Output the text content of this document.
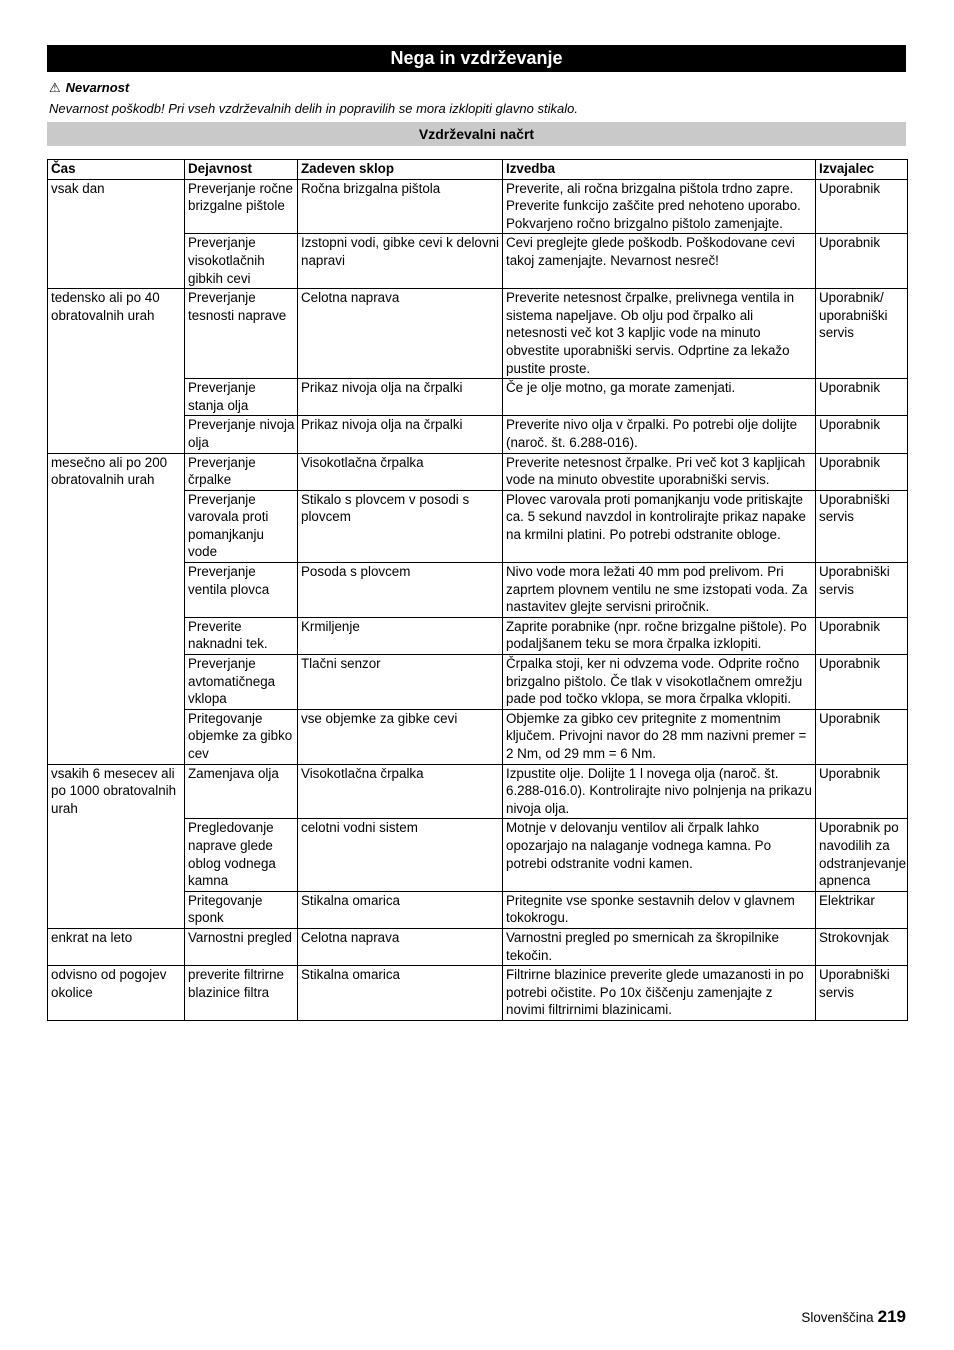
Nega in vzdrževanje
⚠ Nevarnost
Nevarnost poškodb! Pri vseh vzdrževalnih delih in popravilih se mora izklopiti glavno stikalo.
Vzdrževalni načrt
Čas	Dejavnost	Zadeven sklop	Izvedba	Izvajalec
vsak dan	Preverjanje ročne brizgalne pištole	Ročna brizgalna pištola	Preverite, ali ročna brizgalna pištola trdno zapre. Preverite funkcijo zaščite pred nehoteno uporabo. Pokvarjeno ročno brizgalno pištolo zamenjajte.	Uporabnik
	Preverjanje visokotlačnih gibkih cevi	Izstopni vodi, gibke cevi k delovni napravi	Cevi preglejte glede poškodb. Poškodovane cevi takoj zamenjajte. Nevarnost nesreč!	Uporabnik
tedensko ali po 40 obratovalnih urah	Preverjanje tesnosti naprave	Celotna naprava	Preverite netesnost črpalke, prelivnega ventila in sistema napeljave. Ob olju pod črpalko ali netesnosti več kot 3 kapljic vode na minuto obvestite uporabniški servis. Odprtine za lekažo pustite proste.	Uporabnik/ uporabniški servis
	Preverjanje stanja olja	Prikaz nivoja olja na črpalki	Če je olje motno, ga morate zamenjati.	Uporabnik
	Preverjanje nivoja olja	Prikaz nivoja olja na črpalki	Preverite nivo olja v črpalki. Po potrebi olje dolijte (naroč. št. 6.288-016).	Uporabnik
mesečno ali po 200 obratovalnih urah	Preverjanje črpalke	Visokotlačna črpalka	Preverite netesnost črpalke. Pri več kot 3 kapljicah vode na minuto obvestite uporabniški servis.	Uporabnik
	Preverjanje varovala proti pomanjkanju vode	Stikalo s plovcem v posodi s plovcem	Plovec varovala proti pomanjkanju vode pritiskajte ca. 5 sekund navzdol in kontrolirajte prikaz napake na krmilni platini. Po potrebi odstranite obloge.	Uporabniški servis
	Preverjanje ventila plovca	Posoda s plovcem	Nivo vode mora ležati 40 mm pod prelivom. Pri zaprtem plovnem ventilu ne sme izstopati voda. Za nastavitev glejte servisni priročnik.	Uporabniški servis
	Preverite naknadni tek.	Krmiljenje	Zaprite porabnike (npr. ročne brizgalne pištole). Po podaljšanem teku se mora črpalka izklopiti.	Uporabnik
	Preverjanje avtomatičnega vklopa	Tlačni senzor	Črpalka stoji, ker ni odvzema vode. Odprite ročno brizgalno pištolo. Če tlak v visokotlačnem omrežju pade pod točko vklopa, se mora črpalka vklopiti.	Uporabnik
	Pritegovanje objemke za gibko cev	vse objemke za gibke cevi	Objemke za gibko cev pritegnite z momentnim ključem. Privojni navor do 28 mm nazivni premer = 2 Nm, od 29 mm = 6 Nm.	Uporabnik
vsakih 6 mesecev ali po 1000 obratovalnih urah	Zamenjava olja	Visokotlačna črpalka	Izpustite olje. Dolijte 1 l novega olja (naroč. št. 6.288-016.0). Kontrolirajte nivo polnjenja na prikazu nivoja olja.	Uporabnik
	Pregledovanje naprave glede oblog vodnega kamna	celotni vodni sistem	Motnje v delovanju ventilov ali črpalk lahko opozarjajo na nalaganje vodnega kamna. Po potrebi odstranite vodni kamen.	Uporabnik po navodilih za odstranjevanje apnenca
	Pritegovanje sponk	Stikalna omarica	Pritegnite vse sponke sestavnih delov v glavnem tokokrogu.	Elektrikar
enkrat na leto	Varnostni pregled	Celotna naprava	Varnostni pregled po smernicah za škropilnike tekočin.	Strokovnjak
odvisno od pogojev okolice	preverite filtrirne blazinice filtra	Stikalna omarica	Filtrirne blazinice preverite glede umazanosti in po potrebi očistite. Po 10x čiščenju zamenjajte z novimi filtrirnimi blazinicami.	Uporabniški servis
Slovenščina 219
